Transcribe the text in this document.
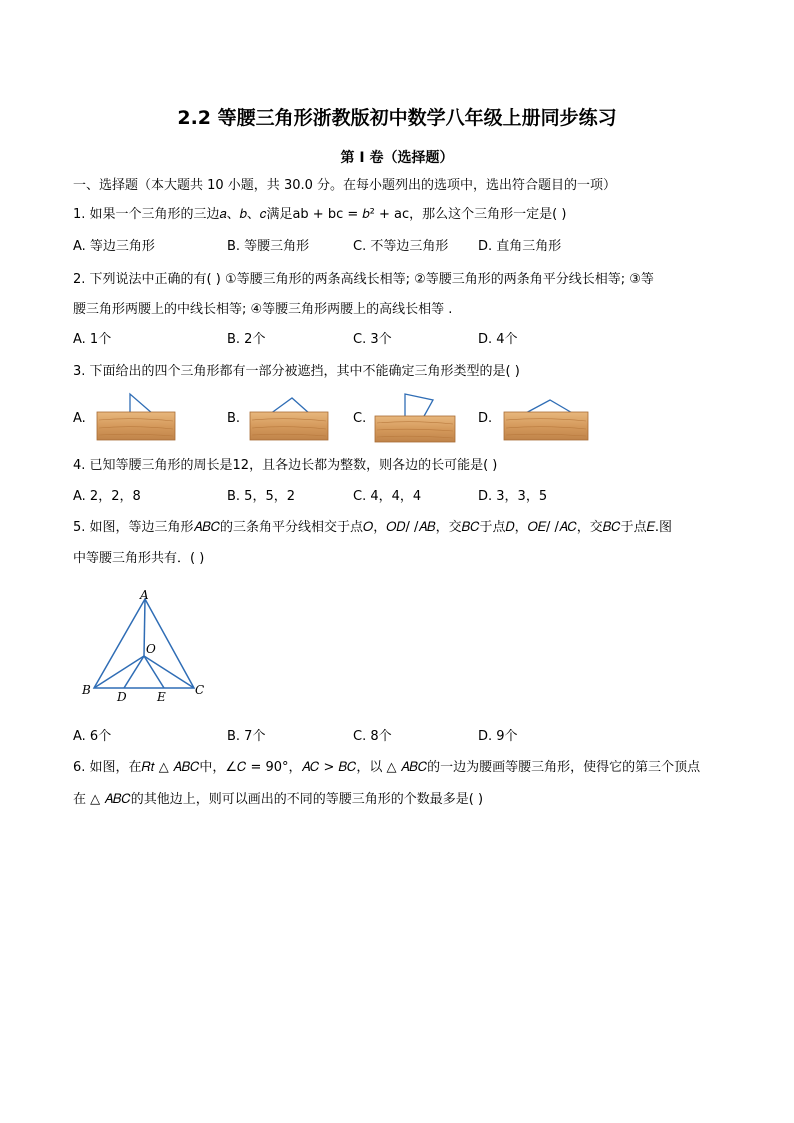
2.2 等腰三角形浙教版初中数学八年级上册同步练习
第 I 卷（选择题）
一、选择题（本大题共 10 小题，共 30.0 分。在每小题列出的选项中，选出符合题目的一项）
1. 如果一个三角形的三边𝑎、𝑏、𝑐满足ab + bc = 𝑏² + ac，那么这个三角形一定是( )
A. 等边三角形	B. 等腰三角形	C. 不等边三角形 D. 直角三角形
2. 下列说法中正确的有( ) ①等腰三角形的两条高线长相等; ②等腰三角形的两条角平分线长相等; ③等
腰三角形两腰上的中线长相等; ④等腰三角形两腰上的高线长相等 .
A. 1个	B. 2个	C. 3个	D. 4个
3. 下面给出的四个三角形都有一部分被遮挡，其中不能确定三角形类型的是( )
A.	B.	C.	D.
4. 已知等腰三角形的周长是12，且各边长都为整数，则各边的长可能是( )
A. 2，2，8	B. 5，5，2	C. 4，4，4	D. 3，3，5
5. 如图，等边三角形𝐴𝐵𝐶的三条角平分线相交于点𝑂，𝑂𝐷/ /𝐴𝐵，交𝐵𝐶于点𝐷，𝑂𝐸/ /𝐴𝐶，交𝐵𝐶于点𝐸.图
中等腰三角形共有．( )
A
O
B D	E C
A. 6个	B. 7个	C. 8个	D. 9个
6. 如图，在𝑅𝑡 △ 𝐴𝐵𝐶中，∠𝐶 = 90°，𝐴𝐶 > 𝐵𝐶，以 △ 𝐴𝐵𝐶的一边为腰画等腰三角形，使得它的第三个顶点
在 △ 𝐴𝐵𝐶的其他边上，则可以画出的不同的等腰三角形的个数最多是( )
